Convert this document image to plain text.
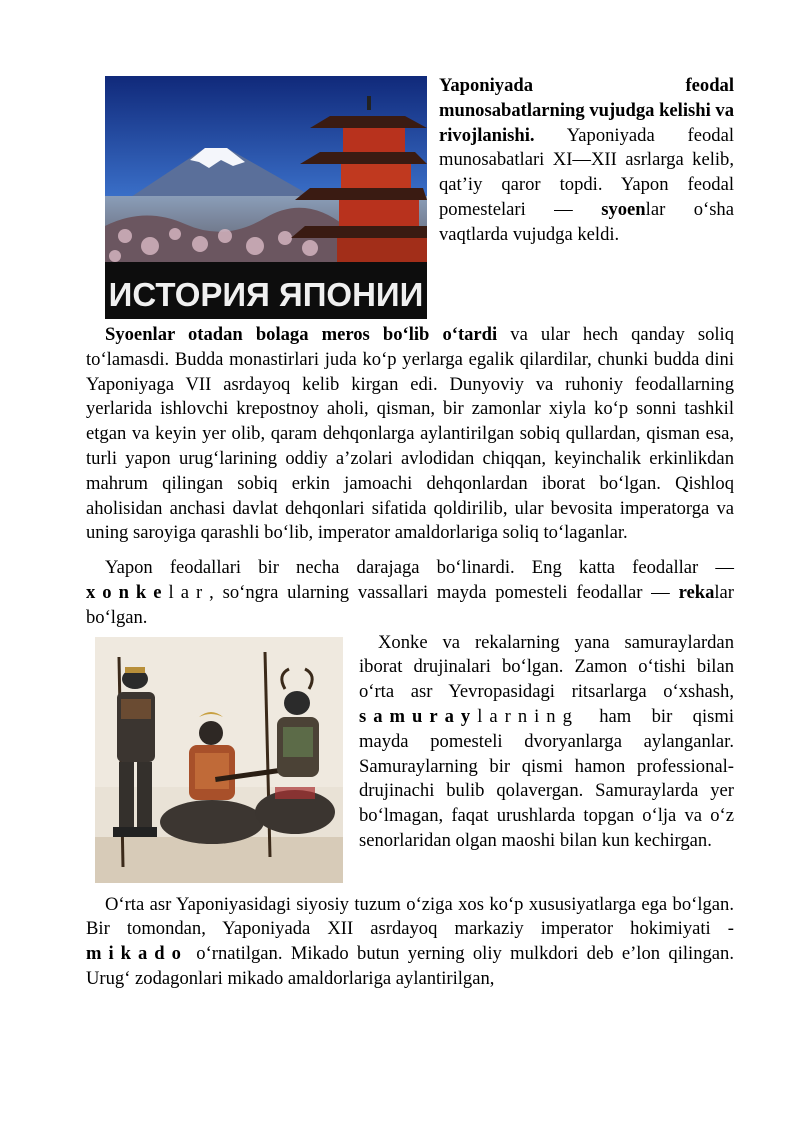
ИСТОРИЯ ЯПОНИИ

Yaponiyada feodal munosabatlarning vujudga kelishi va rivojlanishi. Yaponiyada feodal munosabatlari XI—XII asrlarga kelib, qat’iy qaror topdi. Yapon feodal pomestelari — syoenlar o‘sha vaqtlarda vujudga keldi.

Syoenlar otadan bolaga meros bo‘lib o‘tardi va ular hech qanday soliq to‘lamasdi. Budda monastirlari juda ko‘p yerlarga egalik qilardilar, chunki budda dini Yaponiyaga VII asrdayoq kelib kirgan edi. Dunyoviy va ruhoniy feodallarning yerlarida ishlovchi krepostnoy aholi, qisman, bir zamonlar xiyla ko‘p sonni tashkil etgan va keyin yer olib, qaram dehqonlarga aylantirilgan sobiq qullardan, qisman esa, turli yapon urug‘larining oddiy a’zolari avlodidan chiqqan, keyinchalik erkinlikdan mahrum qilingan sobiq erkin jamoachi dehqonlardan iborat bo‘lgan. Qishloq aholisidan anchasi davlat dehqonlari sifatida qoldirilib, ular bevosita imperatorga va uning saroyiga qarashli bo‘lib, imperator amaldorlariga soliq to‘laganlar.

Yapon feodallari bir necha darajaga bo‘linardi. Eng katta feodallar — xonkelar, so‘ngra ularning vassallari mayda pomesteli feodallar — rekalar bo‘lgan.

Xonke va rekalarning yana samuraylardan iborat drujinalari bo‘lgan. Zamon o‘tishi bilan o‘rta asr Yevropasidagi ritsarlarga o‘xshash, samuraylarning ham bir qismi mayda pomesteli dvoryanlarga aylanganlar. Samuraylarning bir qismi hamon professional-drujinachi bulib qolavergan. Samuraylarda yer bo‘lmagan, faqat urushlarda topgan o‘lja va o‘z senorlaridan olgan maoshi bilan kun kechirgan.

O‘rta asr Yaponiyasidagi siyosiy tuzum o‘ziga xos ko‘p xususiyatlarga ega bo‘lgan. Bir tomondan, Yaponiyada XII asrdayoq markaziy imperator hokimiyati - mikado o‘rnatilgan. Mikado butun yerning oliy mulkdori deb e’lon qilingan. Urug‘ zodagonlari mikado amaldorlariga aylantirilgan,
